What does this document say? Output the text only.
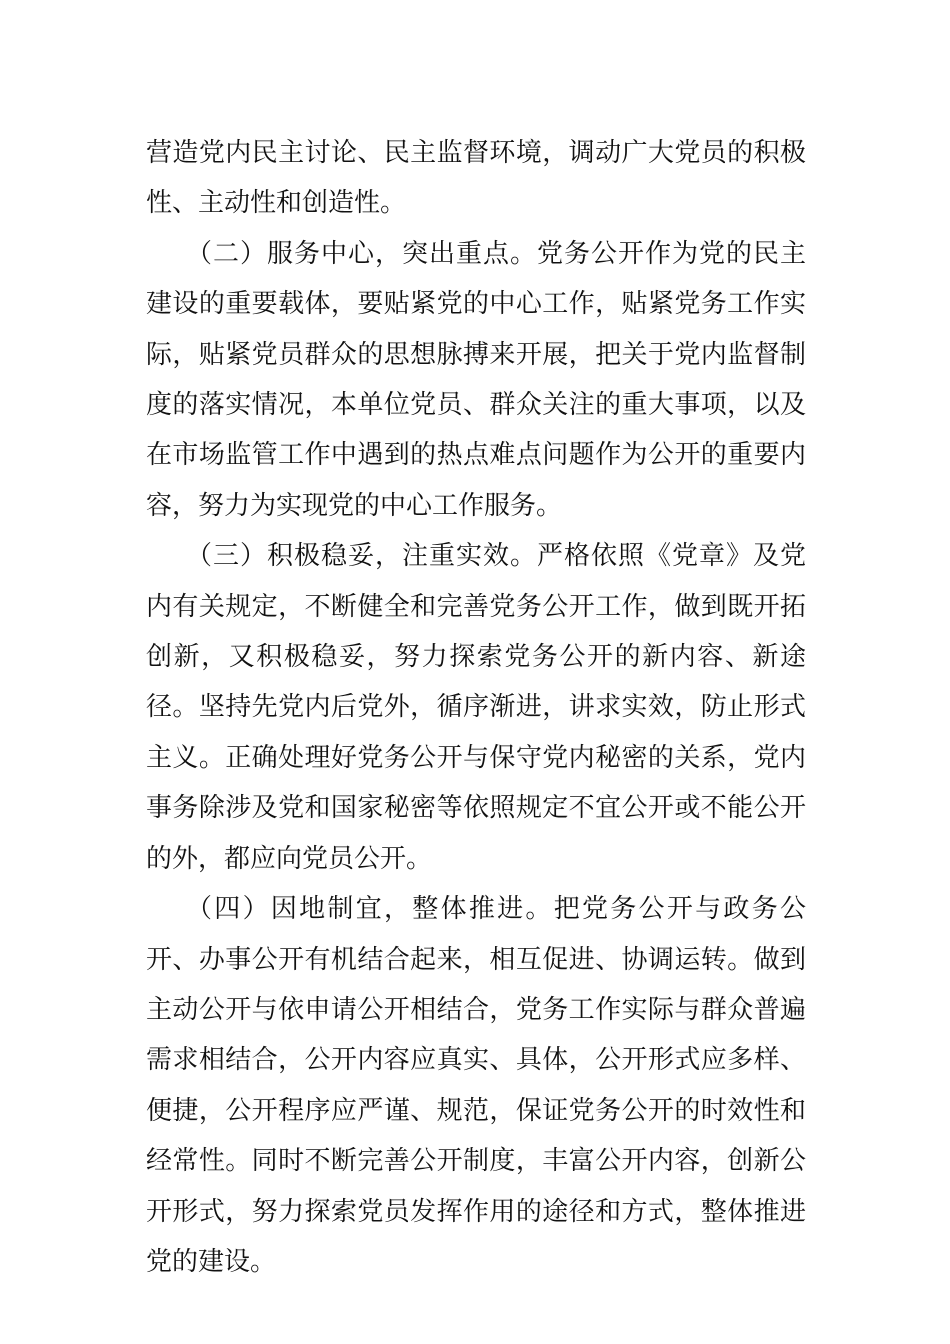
营造党内民主讨论、民主监督环境，调动广大党员的积极性、主动性和创造性。

（二）服务中心，突出重点。党务公开作为党的民主建设的重要载体，要贴紧党的中心工作，贴紧党务工作实际，贴紧党员群众的思想脉搏来开展，把关于党内监督制度的落实情况，本单位党员、群众关注的重大事项，以及在市场监管工作中遇到的热点难点问题作为公开的重要内容，努力为实现党的中心工作服务。

（三）积极稳妥，注重实效。严格依照《党章》及党内有关规定，不断健全和完善党务公开工作，做到既开拓创新，又积极稳妥，努力探索党务公开的新内容、新途径。坚持先党内后党外，循序渐进，讲求实效，防止形式主义。正确处理好党务公开与保守党内秘密的关系，党内事务除涉及党和国家秘密等依照规定不宜公开或不能公开的外，都应向党员公开。

（四）因地制宜，整体推进。把党务公开与政务公开、办事公开有机结合起来，相互促进、协调运转。做到主动公开与依申请公开相结合，党务工作实际与群众普遍需求相结合，公开内容应真实、具体，公开形式应多样、便捷，公开程序应严谨、规范，保证党务公开的时效性和经常性。同时不断完善公开制度，丰富公开内容，创新公开形式，努力探索党员发挥作用的途径和方式，整体推进党的建设。
